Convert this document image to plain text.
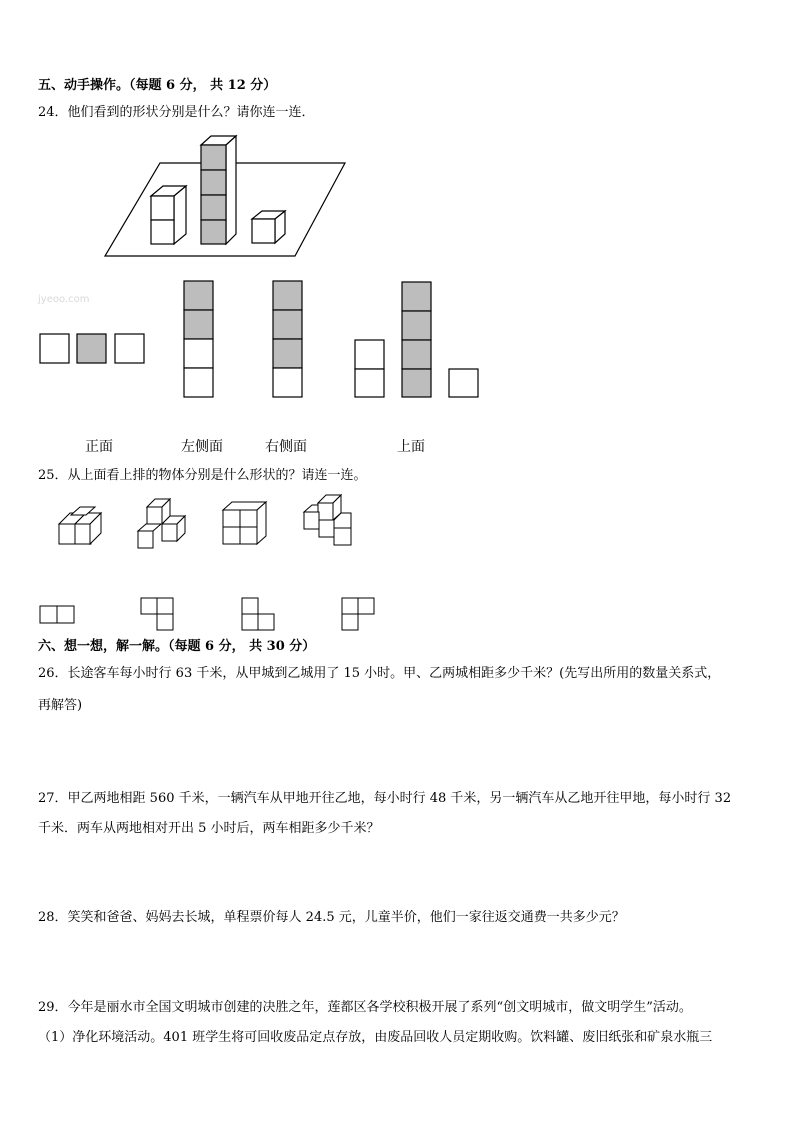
五、动手操作。（每题 6 分， 共 12 分）
24．他们看到的形状分别是什么？请你连一连．
jyeoo.com
正面	左侧面	右侧面	上面
25．从上面看上排的物体分别是什么形状的？请连一连。
六、想一想，解一解。（每题 6 分， 共 30 分）
26．长途客车每小时行 63 千米，从甲城到乙城用了 15 小时。甲、乙两城相距多少千米？(先写出所用的数量关系式，
再解答)
27．甲乙两地相距 560 千米，一辆汽车从甲地开往乙地，每小时行 48 千米，另一辆汽车从乙地开往甲地，每小时行 32
千米．两车从两地相对开出 5 小时后，两车相距多少千米？
28．笑笑和爸爸、妈妈去长城，单程票价每人 24.5 元，儿童半价，他们一家往返交通费一共多少元？
29．今年是丽水市全国文明城市创建的决胜之年，莲都区各学校积极开展了系列“创文明城市，做文明学生”活动。
（1）净化环境活动。401 班学生将可回收废品定点存放，由废品回收人员定期收购。饮料罐、废旧纸张和矿泉水瓶三
